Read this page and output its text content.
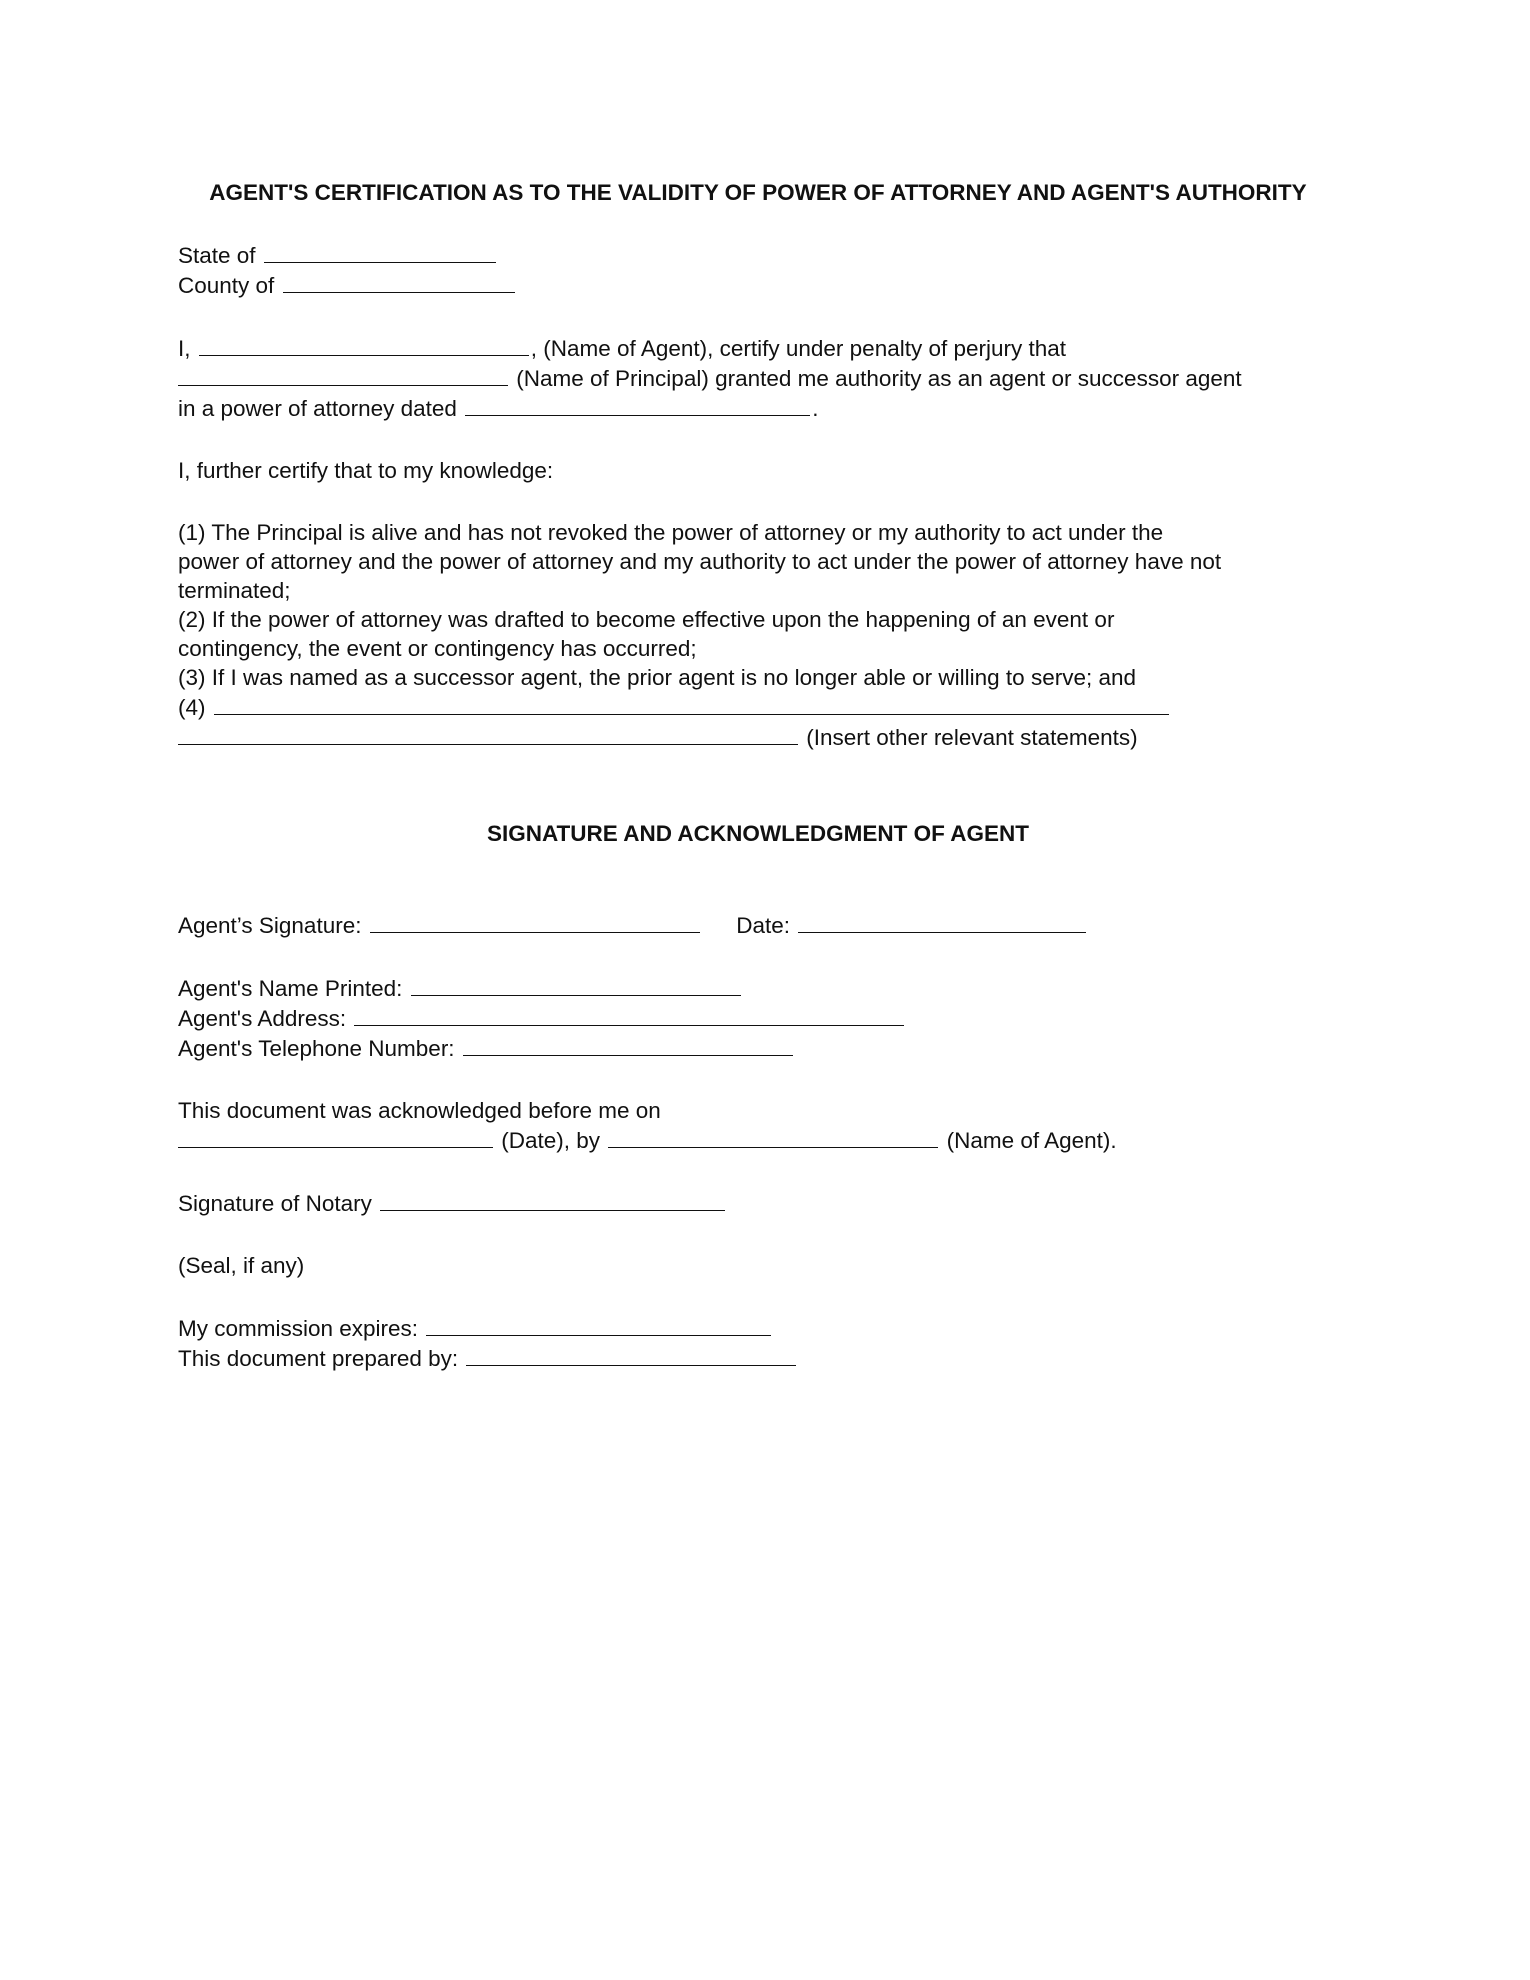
AGENT'S CERTIFICATION AS TO THE VALIDITY OF POWER OF ATTORNEY AND AGENT'S AUTHORITY

State of
County of
I,	, (Name of Agent), certify under penalty of perjury that
(Name of Principal) granted me authority as an agent or successor agent
in a power of attorney dated	.
I, further certify that to my knowledge:
(1) The Principal is alive and has not revoked the power of attorney or my authority to act under the
power of attorney and the power of attorney and my authority to act under the power of attorney have not
terminated;
(2) If the power of attorney was drafted to become effective upon the happening of an event or
contingency, the event or contingency has occurred;
(3) If I was named as a successor agent, the prior agent is no longer able or willing to serve; and
(4)
(Insert other relevant statements)

SIGNATURE AND ACKNOWLEDGMENT OF AGENT

Agent’s Signature:	Date:
Agent's Name Printed:
Agent's Address:
Agent's Telephone Number:
This document was acknowledged before me on
(Date), by	(Name of Agent).
Signature of Notary
(Seal, if any)
My commission expires:
This document prepared by:
